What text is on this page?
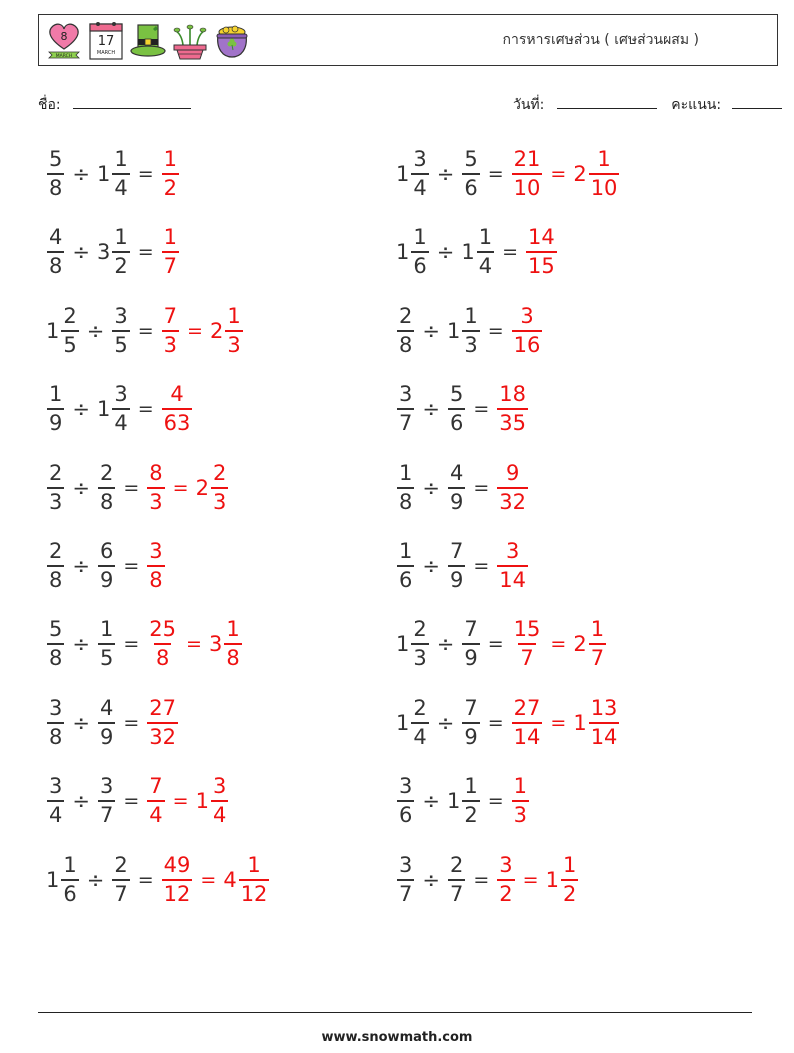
8
MARCH
17
MARCH
การหารเศษส่วน ( เศษส่วนผสม )
ชื่อ:	วันที่:	คะแนน:
$\frac{5}{8} \div 1 \frac{1}{4} = \frac{1}{2}$	$1 \frac{3}{4} \div \frac{5}{6} = \frac{21}{10} = 2 \frac{1}{10}$
$\frac{4}{8} \div 3 \frac{1}{2} = \frac{1}{7}$	$1 \frac{1}{6} \div 1 \frac{1}{4} = \frac{14}{15}$
$1 \frac{2}{5} \div \frac{3}{5} = \frac{7}{3} = 2 \frac{1}{3}$	$\frac{2}{8} \div 1 \frac{1}{3} = \frac{3}{16}$
$\frac{1}{9} \div 1 \frac{3}{4} = \frac{4}{63}$	$\frac{3}{7} \div \frac{5}{6} = \frac{18}{35}$
$\frac{2}{3} \div \frac{2}{8} = \frac{8}{3} = 2 \frac{2}{3}$	$\frac{1}{8} \div \frac{4}{9} = \frac{9}{32}$
$\frac{2}{8} \div \frac{6}{9} = \frac{3}{8}$	$\frac{1}{6} \div \frac{7}{9} = \frac{3}{14}$
$\frac{5}{8} \div \frac{1}{5} = \frac{25}{8} = 3 \frac{1}{8}$	$1 \frac{2}{3} \div \frac{7}{9} = \frac{15}{7} = 2 \frac{1}{7}$
$\frac{3}{8} \div \frac{4}{9} = \frac{27}{32}$	$1 \frac{2}{4} \div \frac{7}{9} = \frac{27}{14} = 1 \frac{13}{14}$
$\frac{3}{4} \div \frac{3}{7} = \frac{7}{4} = 1 \frac{3}{4}$	$\frac{3}{6} \div 1 \frac{1}{2} = \frac{1}{3}$
$1 \frac{1}{6} \div \frac{2}{7} = \frac{49}{12} = 4 \frac{1}{12}$	$\frac{3}{7} \div \frac{2}{7} = \frac{3}{2} = 1 \frac{1}{2}$
www.snowmath.com
